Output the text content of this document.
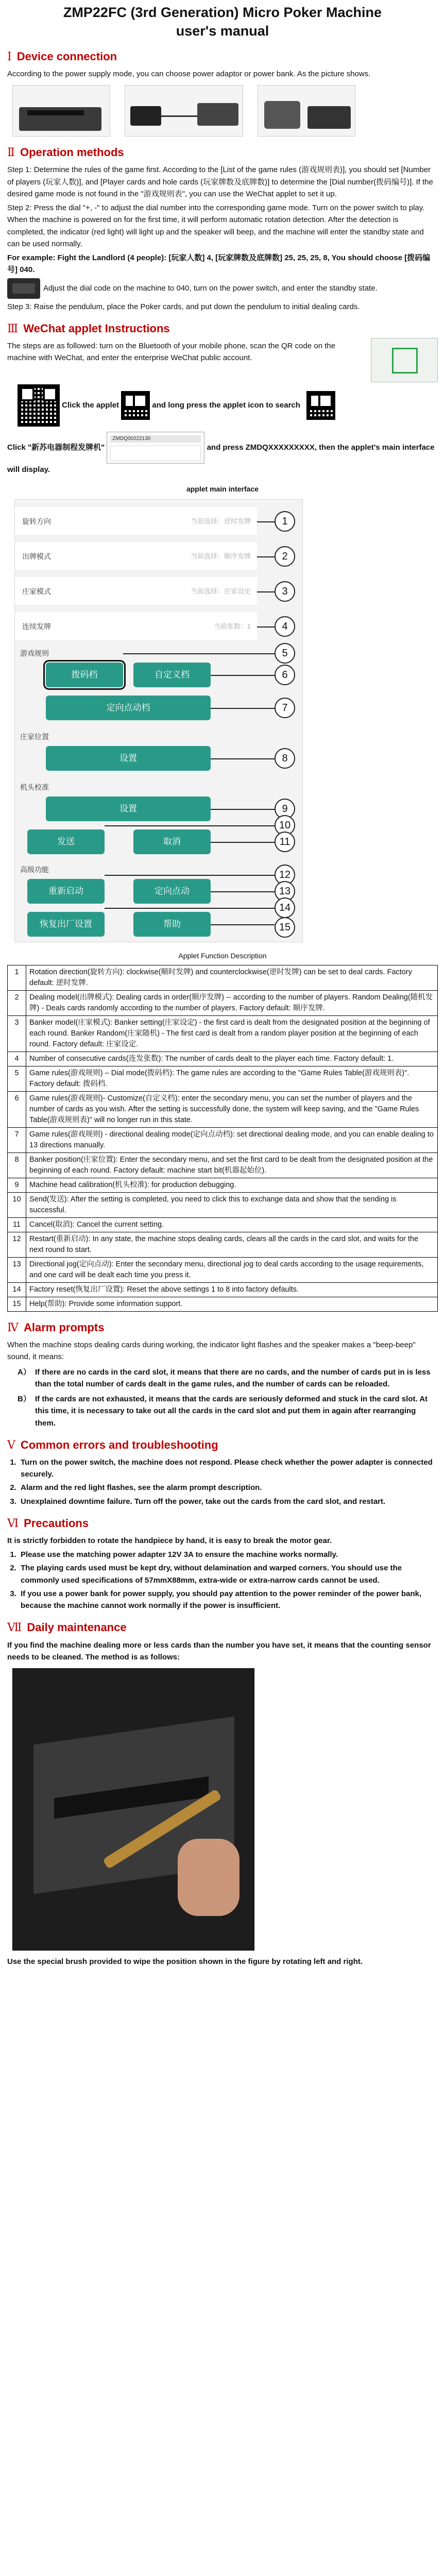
ZMP22FC (3rd Generation) Micro Poker Machine
user's manual
Ⅰ Device connection

According to the power supply mode, you can choose power adaptor or power bank. As the picture shows.

Ⅱ Operation methods

Step 1: Determine the rules of the game first. According to the [List of the game rules (游戏规则表)], you should set [Number of players (玩家人数)], and [Player cards and hole cards (玩家牌数及底牌数)] to determine the [Dial number(拨码编号)]. If the desired game mode is not found in the "游戏规则表", you can use the WeChat applet to set it up.

Step 2: Press the dial "+, -" to adjust the dial number into the corresponding game mode. Turn on the power switch to play. When the machine is powered on for the first time, it will perform automatic rotation detection. After the detection is completed, the indicator (red light) will light up and the speaker will beep, and the machine will enter the standby state and can be used normally.

For example: Fight the Landlord (4 people): [玩家人数] 4, [玩家牌数及底牌数] 25, 25, 25, 8, You should choose [拨码编号] 040.

Adjust the dial code on the machine to 040, turn on the power switch, and enter the standby state.

Step 3: Raise the pendulum, place the Poker cards, and put down the pendulum to initial dealing cards.

Ⅲ WeChat applet Instructions

The steps are as followed: turn on the Bluetooth of your mobile phone, scan the QR code on the machine with WeChat, and enter the enterprise WeChat public account.

Click the applet	and long press the applet icon to search

Click "新苏电器制程发牌机"
ZMDQ00222130
and press ZMDQXXXXXXXXX, then the applet's main interface will display.

applet main interface
旋转方向	当前选择：逆时发牌
出牌模式	当前选择：顺序发牌
庄家模式	当前选择：庄家设定
连续发牌	当前张数：1
游戏规则
拨码档	自定义档
定向点动档
庄家位置
设置
机头校准
设置
发送	取消
高级功能
重新启动	定向点动
恢复出厂设置	帮助
1
2
3
4
5
6
7
8
9
10
11
12
13
14
15
Applet Function Description
1	Rotation direction(旋转方向): clockwise(顺时发牌) and counterclockwise(逆时发牌) can be set to deal cards. Factory default: 逆时发牌.
2	Dealing model(出牌模式): Dealing cards in order(顺序发牌) -- according to the number of players. Random Dealing(随机发牌) - Deals cards randomly according to the number of players. Factory default: 顺序发牌.
3	Banker model(庄家模式): Banker setting(庄家设定) - the first card is dealt from the designated position at the beginning of each round. Banker Random(庄家随机) - The first card is dealt from a random player position at the beginning of each round. Factory default: 庄家设定.
4	Number of consecutive cards(连发张数): The number of cards dealt to the player each time. Factory default: 1.
5	Game rules(游戏规则) – Dial mode(拨码档): The game rules are according to the "Game Rules Table(游戏规则表)". Factory default: 拨码档.
6	Game rules(游戏规则)- Customize(自定义档): enter the secondary menu, you can set the number of players and the number of cards as you wish. After the setting is successfully done, the system will keep saving, and the "Game Rules Table(游戏规则表)" will no longer run in this state.
7	Game rules(游戏规则) - directional dealing mode(定向点动档): set directional dealing mode, and you can enable dealing to 13 directions manually.
8	Banker position(庄家位置): Enter the secondary menu, and set the first card to be dealt from the designated position at the beginning of each round. Factory default: machine start bit(机器起始位).
9	Machine head calibration(机头校准): for production debugging.
10	Send(发送): After the setting is completed, you need to click this to exchange data and show that the sending is successful.
11	Cancel(取消): Cancel the current setting.
12	Restart(重新启动): In any state, the machine stops dealing cards, clears all the cards in the card slot, and waits for the next round to start.
13	Directional jog(定向点动): Enter the secondary menu, directional jog to deal cards according to the usage requirements, and one card will be dealt each time you press it.
14	Factory reset(恢复出厂设置): Reset the above settings 1 to 8 into factory defaults.
15	Help(帮助): Provide some information support.
Ⅳ Alarm prompts

When the machine stops dealing cards during working, the indicator light flashes and the speaker makes a "beep-beep" sound, it means:

A） If there are no cards in the card slot, it means that there are no cards, and the number of cards put in is less than the total number of cards dealt in the game rules, and the number of cards can be reloaded.
B） If the cards are not exhausted, it means that the cards are seriously deformed and stuck in the card slot. At this time, it is necessary to take out all the cards in the card slot and put them in again after rearranging them.
Ⅴ Common errors and troubleshooting
1. Turn on the power switch, the machine does not respond. Please check whether the power adapter is connected securely.
2. Alarm and the red light flashes, see the alarm prompt description.
3. Unexplained downtime failure. Turn off the power, take out the cards from the card slot, and restart.
Ⅵ Precautions

It is strictly forbidden to rotate the handpiece by hand, it is easy to break the motor gear.

1. Please use the matching power adapter 12V 3A to ensure the machine works normally.
2. The playing cards used must be kept dry, without delamination and warped corners. You should use the commonly used specifications of 57mmX88mm, extra-wide or extra-narrow cards cannot be used.
3. If you use a power bank for power supply, you should pay attention to the power reminder of the power bank, because the machine cannot work normally if the power is insufficient.
Ⅶ Daily maintenance

If you find the machine dealing more or less cards than the number you have set, it means that the counting sensor needs to be cleaned. The method is as follows:

Use the special brush provided to wipe the position shown in the figure by rotating left and right.
